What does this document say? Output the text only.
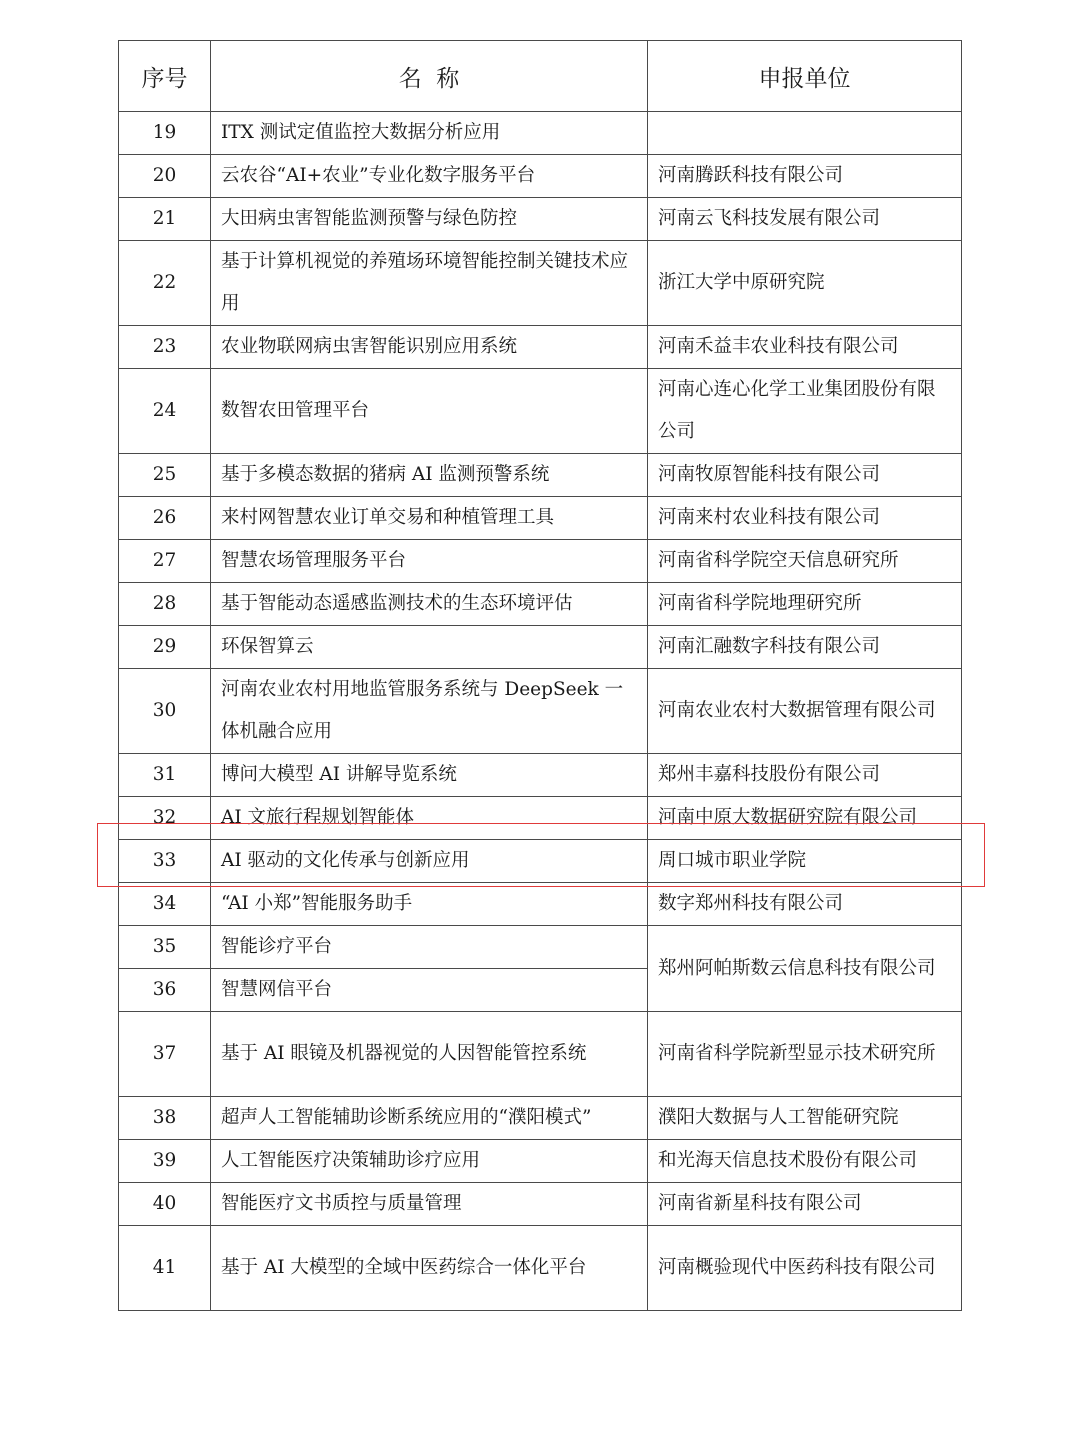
序号	名  称	申报单位
19	ITX 测试定值监控大数据分析应用	
20	云农谷“AI+农业”专业化数字服务平台	河南腾跃科技有限公司
21	大田病虫害智能监测预警与绿色防控	河南云飞科技发展有限公司
22	基于计算机视觉的养殖场环境智能控制关键技术应用	浙江大学中原研究院
23	农业物联网病虫害智能识别应用系统	河南禾益丰农业科技有限公司
24	数智农田管理平台	河南心连心化学工业集团股份有限公司
25	基于多模态数据的猪病 AI 监测预警系统	河南牧原智能科技有限公司
26	来村网智慧农业订单交易和种植管理工具	河南来村农业科技有限公司
27	智慧农场管理服务平台	河南省科学院空天信息研究所
28	基于智能动态遥感监测技术的生态环境评估	河南省科学院地理研究所
29	环保智算云	河南汇融数字科技有限公司
30	河南农业农村用地监管服务系统与 DeepSeek 一体机融合应用	河南农业农村大数据管理有限公司
31	博问大模型 AI 讲解导览系统	郑州丰嘉科技股份有限公司
32	AI 文旅行程规划智能体	河南中原大数据研究院有限公司
33	AI 驱动的文化传承与创新应用	周口城市职业学院
34	“AI 小郑”智能服务助手	数字郑州科技有限公司
35	智能诊疗平台	郑州阿帕斯数云信息科技有限公司
36	智慧网信平台	
37	基于 AI 眼镜及机器视觉的人因智能管控系统	河南省科学院新型显示技术研究所
38	超声人工智能辅助诊断系统应用的“濮阳模式”	濮阳大数据与人工智能研究院
39	人工智能医疗决策辅助诊疗应用	和光海天信息技术股份有限公司
40	智能医疗文书质控与质量管理	河南省新星科技有限公司
41	基于 AI 大模型的全域中医药综合一体化平台	河南概验现代中医药科技有限公司
